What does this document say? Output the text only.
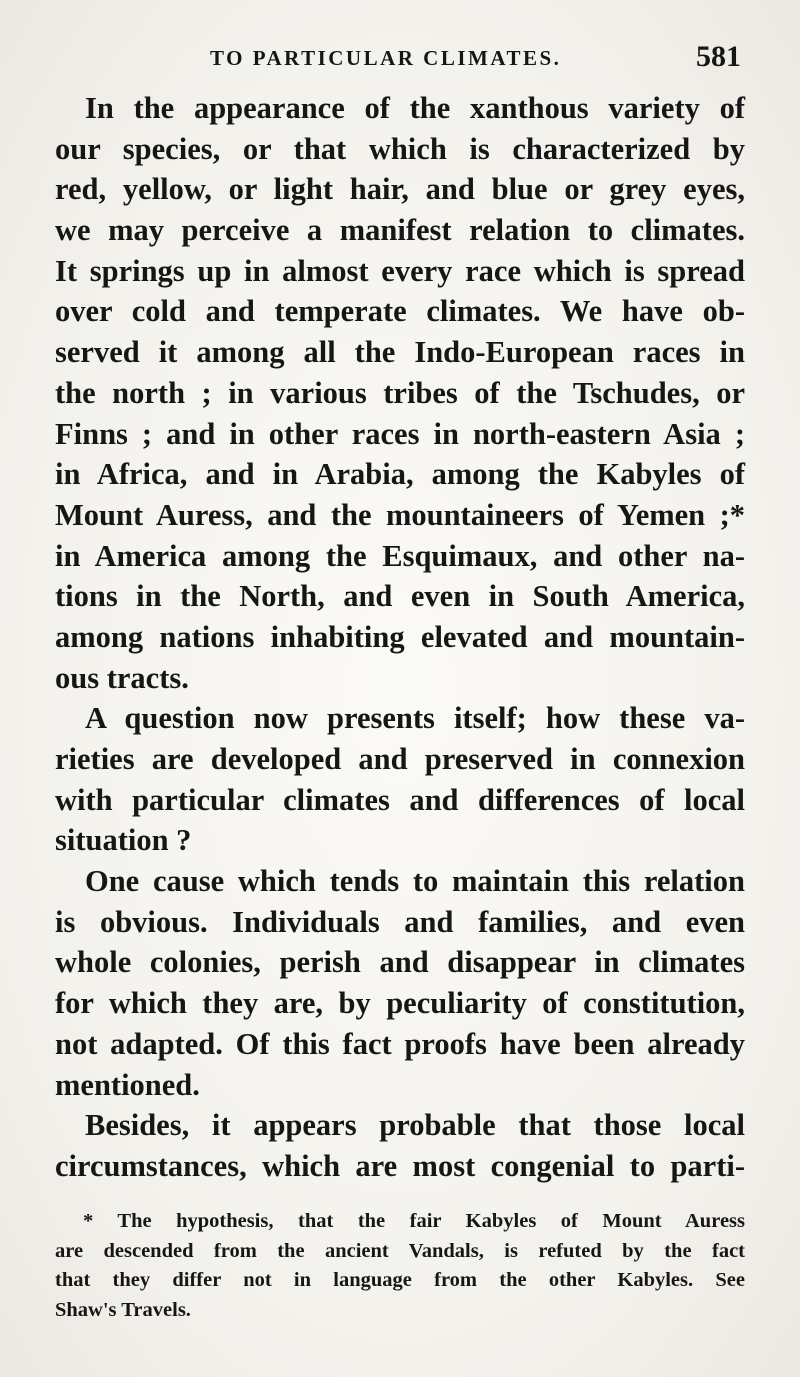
TO PARTICULAR CLIMATES.	581
In the appearance of the xanthous variety of
our species, or that which is characterized by
red, yellow, or light hair, and blue or grey eyes,
we may perceive a manifest relation to climates.
It springs up in almost every race which is spread
over cold and temperate climates. We have ob-
served it among all the Indo-European races in
the north ; in various tribes of the Tschudes, or
Finns ; and in other races in north-eastern Asia ;
in Africa, and in Arabia, among the Kabyles of
Mount Auress, and the mountaineers of Yemen ;*
in America among the Esquimaux, and other na-
tions in the North, and even in South America,
among nations inhabiting elevated and mountain-
ous tracts.
A question now presents itself; how these va-
rieties are developed and preserved in connexion
with particular climates and differences of local
situation ?
One cause which tends to maintain this relation
is obvious. Individuals and families, and even
whole colonies, perish and disappear in climates
for which they are, by peculiarity of constitution,
not adapted. Of this fact proofs have been already
mentioned.
Besides, it appears probable that those local
circumstances, which are most congenial to parti-
* The hypothesis, that the fair Kabyles of Mount Auress
are descended from the ancient Vandals, is refuted by the fact
that they differ not in language from the other Kabyles. See
Shaw's Travels.
